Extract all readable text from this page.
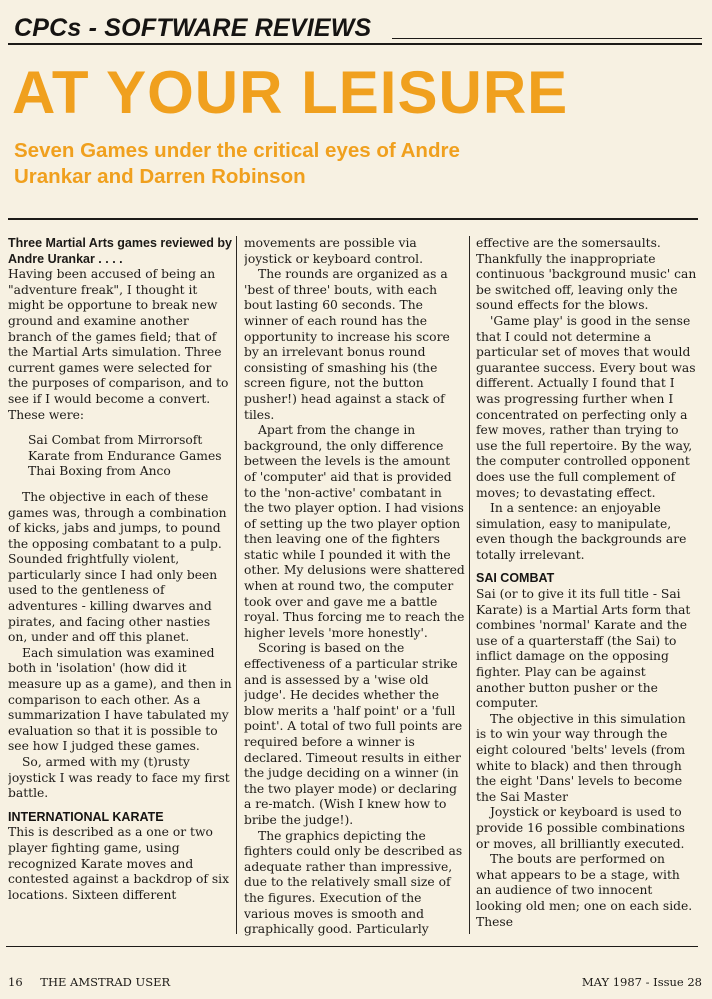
CPCs - SOFTWARE REVIEWS
AT YOUR LEISURE
Seven Games under the critical eyes of Andre Urankar and Darren Robinson
Three Martial Arts games reviewed by Andre Urankar . . . .

Having been accused of being an "adventure freak", I thought it might be opportune to break new ground and examine another branch of the games field; that of the Martial Arts simulation. Three current games were selected for the purposes of comparison, and to see if I would become a convert. These were:

Sai Combat from Mirrorsoft
Karate from Endurance Games
Thai Boxing from Anco

The objective in each of these games was, through a combination of kicks, jabs and jumps, to pound the opposing combatant to a pulp. Sounded frightfully violent, particularly since I had only been used to the gentleness of adventures - killing dwarves and pirates, and facing other nasties on, under and off this planet.

Each simulation was examined both in 'isolation' (how did it measure up as a game), and then in comparison to each other. As a summarization I have tabulated my evaluation so that it is possible to see how I judged these games.

So, armed with my (t)rusty joystick I was ready to face my first battle.

INTERNATIONAL KARATE

This is described as a one or two player fighting game, using recognized Karate moves and contested against a backdrop of six locations. Sixteen different

movements are possible via joystick or keyboard control.

The rounds are organized as a 'best of three' bouts, with each bout lasting 60 seconds. The winner of each round has the opportunity to increase his score by an irrelevant bonus round consisting of smashing his (the screen figure, not the button pusher!) head against a stack of tiles.

Apart from the change in background, the only difference between the levels is the amount of 'computer' aid that is provided to the 'non-active' combatant in the two player option. I had visions of setting up the two player option then leaving one of the fighters static while I pounded it with the other. My delusions were shattered when at round two, the computer took over and gave me a battle royal. Thus forcing me to reach the higher levels 'more honestly'.

Scoring is based on the effectiveness of a particular strike and is assessed by a 'wise old judge'. He decides whether the blow merits a 'half point' or a 'full point'. A total of two full points are required before a winner is declared. Timeout results in either the judge deciding on a winner (in the two player mode) or declaring a re-match. (Wish I knew how to bribe the judge!).

The graphics depicting the fighters could only be described as adequate rather than impressive, due to the relatively small size of the figures. Execution of the various moves is smooth and graphically good. Particularly

effective are the somersaults. Thankfully the inappropriate continuous 'background music' can be switched off, leaving only the sound effects for the blows.

'Game play' is good in the sense that I could not determine a particular set of moves that would guarantee success. Every bout was different. Actually I found that I was progressing further when I concentrated on perfecting only a few moves, rather than trying to use the full repertoire. By the way, the computer controlled opponent does use the full complement of moves; to devastating effect.

In a sentence: an enjoyable simulation, easy to manipulate, even though the backgrounds are totally irrelevant.

SAI COMBAT

Sai (or to give it its full title - Sai Karate) is a Martial Arts form that combines 'normal' Karate and the use of a quarterstaff (the Sai) to inflict damage on the opposing fighter. Play can be against another button pusher or the computer.

The objective in this simulation is to win your way through the eight coloured 'belts' levels (from white to black) and then through the eight 'Dans' levels to become the Sai Master

Joystick or keyboard is used to provide 16 possible combinations or moves, all brilliantly executed.

The bouts are performed on what appears to be a stage, with an audience of two innocent looking old men; one on each side. These

16 THE AMSTRAD USER	MAY 1987 - Issue 28
